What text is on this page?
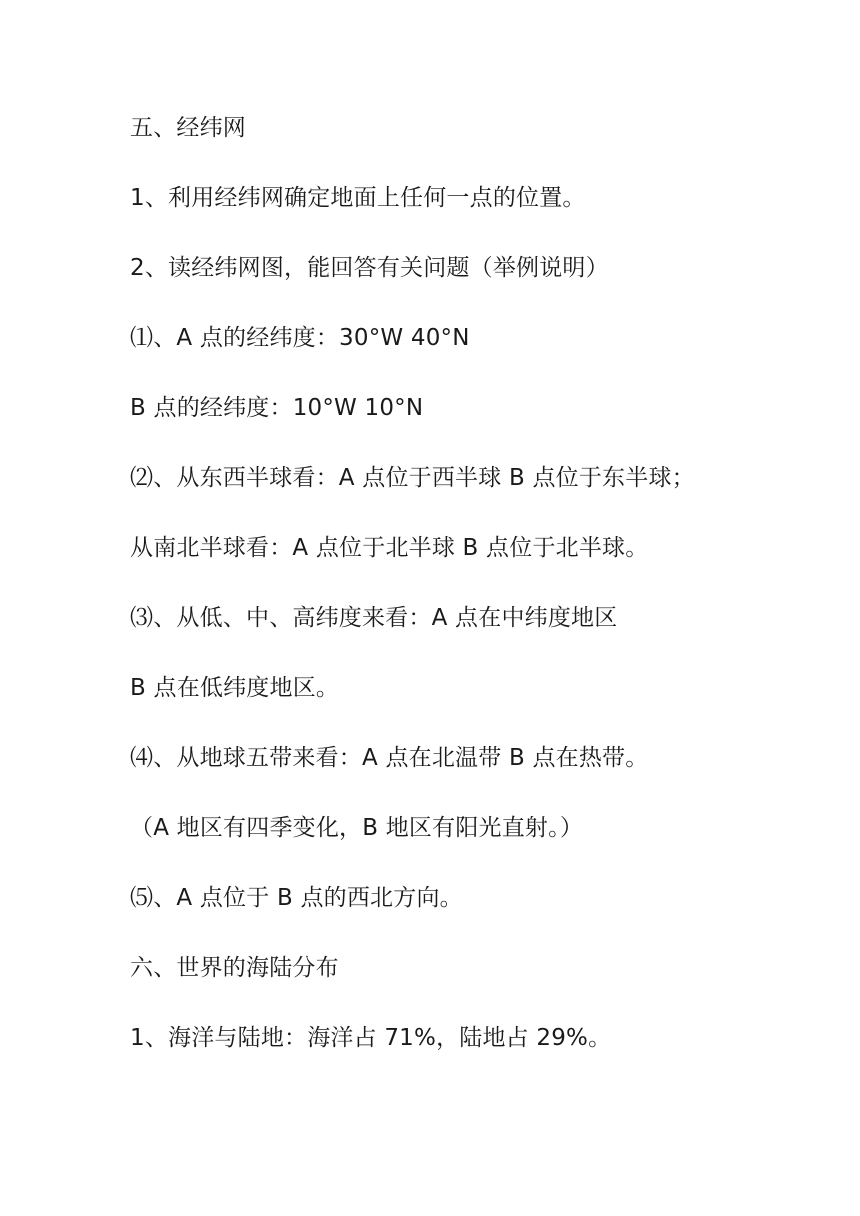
五、经纬网
1、利用经纬网确定地面上任何一点的位置。
2、读经纬网图，能回答有关问题（举例说明）
⑴、A 点的经纬度：30°W 40°N
B 点的经纬度：10°W 10°N
⑵、从东西半球看：A 点位于西半球 B 点位于东半球；
从南北半球看：A 点位于北半球 B 点位于北半球。
⑶、从低、中、高纬度来看：A 点在中纬度地区
B 点在低纬度地区。
⑷、从地球五带来看：A 点在北温带 B 点在热带。
（A 地区有四季变化，B 地区有阳光直射。）
⑸、A 点位于 B 点的西北方向。
六、世界的海陆分布
1、海洋与陆地：海洋占 71%，陆地占 29%。
